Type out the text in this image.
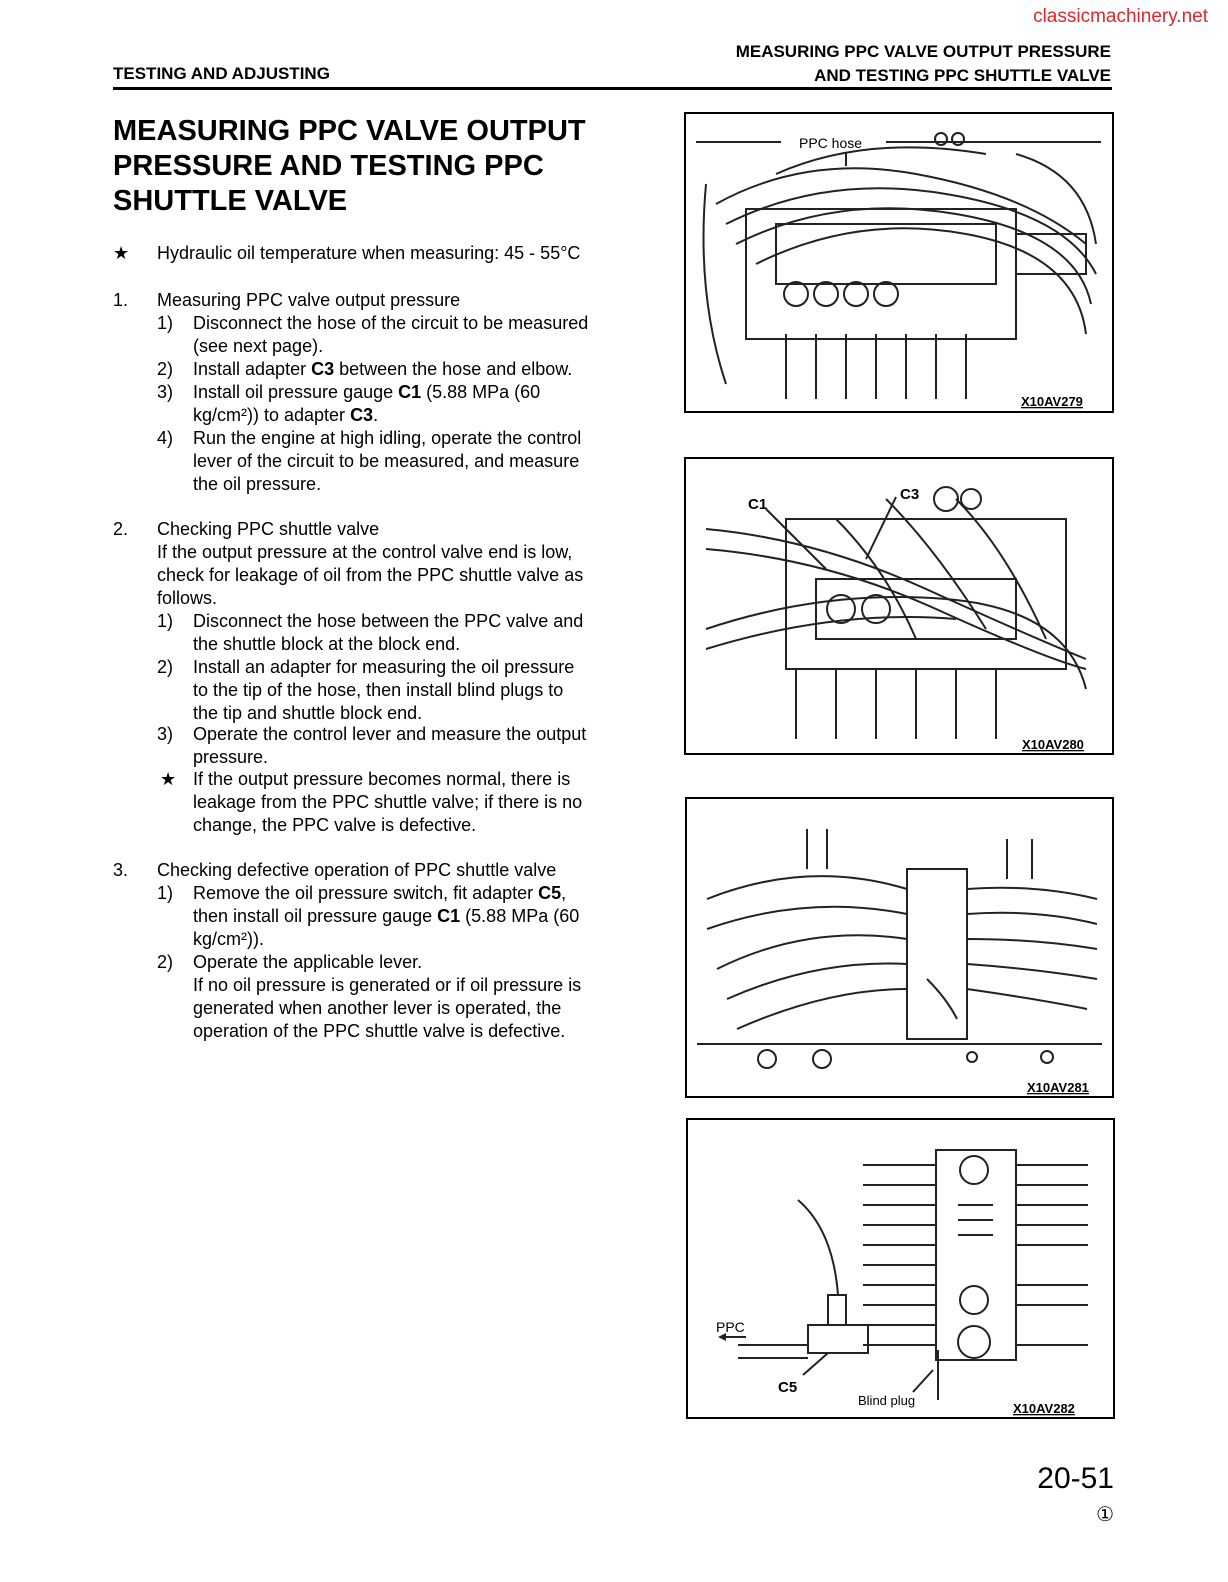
classicmachinery.net
MEASURING PPC VALVE OUTPUT PRESSURE
AND TESTING PPC SHUTTLE VALVE
TESTING AND ADJUSTING
MEASURING PPC VALVE OUTPUT
PRESSURE AND TESTING PPC
SHUTTLE VALVE
★ Hydraulic oil temperature when measuring: 45 - 55°C
1. Measuring PPC valve output pressure
1) Disconnect the hose of the circuit to be measured
(see next page).
2) Install adapter C3 between the hose and elbow.
3) Install oil pressure gauge C1 (5.88 MPa (60
kg/cm²)) to adapter C3.
4) Run the engine at high idling, operate the control
lever of the circuit to be measured, and measure
the oil pressure.
2. Checking PPC shuttle valve
If the output pressure at the control valve end is low,
check for leakage of oil from the PPC shuttle valve as
follows.
1) Disconnect the hose between the PPC valve and
the shuttle block at the block end.
2) Install an adapter for measuring the oil pressure
to the tip of the hose, then install blind plugs to
the tip and shuttle block end.
3) Operate the control lever and measure the output
pressure.
★ If the output pressure becomes normal, there is
leakage from the PPC shuttle valve; if there is no
change, the PPC valve is defective.
3. Checking defective operation of PPC shuttle valve
1) Remove the oil pressure switch, fit adapter C5,
then install oil pressure gauge C1 (5.88 MPa (60
kg/cm²)).
2) Operate the applicable lever.
If no oil pressure is generated or if oil pressure is
generated when another lever is operated, the
operation of the PPC shuttle valve is defective.
PPC hose
X10AV279
C1
C3
X10AV280
X10AV281
PPC
C5
Blind plug
X10AV282
20-51
①
